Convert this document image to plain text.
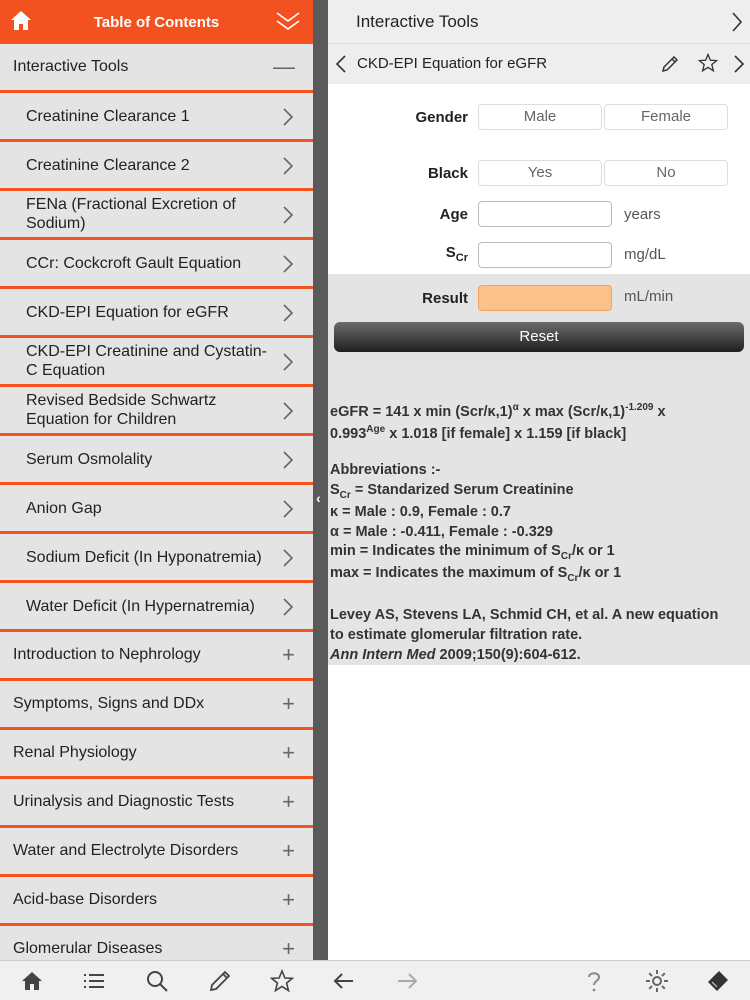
Table of Contents
Interactive Tools	—
Creatinine Clearance 1
Creatinine Clearance 2
FENa (Fractional Excretion of Sodium)
CCr: Cockcroft Gault Equation
CKD-EPI Equation for eGFR
CKD-EPI Creatinine and Cystatin-C Equation
Revised Bedside Schwartz Equation for Children
Serum Osmolality
Anion Gap
Sodium Deficit (In Hyponatremia)
Water Deficit (In Hypernatremia)
Introduction to Nephrology	+
Symptoms, Signs and DDx	+
Renal Physiology	+
Urinalysis and Diagnostic Tests +
Water and Electrolyte Disorders +
Acid-base Disorders	+
Glomerular Diseases	+
‹
Interactive Tools
CKD-EPI Equation for eGFR
Gender	Male	Female
Black	Yes	No
Age	years
$S_{Cr}$	mg/dL
Result	mL/min
Reset
eGFR = 141 x $\min (Scr/\kappa,1)^\alpha$ x $\max (Scr/\kappa,1)^{-1.209}$ x
$0.993^{Age}$ x 1.018 [if female] x 1.159 [if black]
Abbreviations :-
$S_{Cr}$ = Standarized Serum Creatinine
κ = Male : 0.9, Female : 0.7
α = Male : -0.411, Female : -0.329
min = Indicates the minimum of $S_{Cr}/\kappa$ or 1
max = Indicates the maximum of $S_{Cr}/\kappa$ or 1
Levey AS, Stevens LA, Schmid CH, et al. A new equation
to estimate glomerular filtration rate.
Ann Intern Med 2009;150(9):604-612.
